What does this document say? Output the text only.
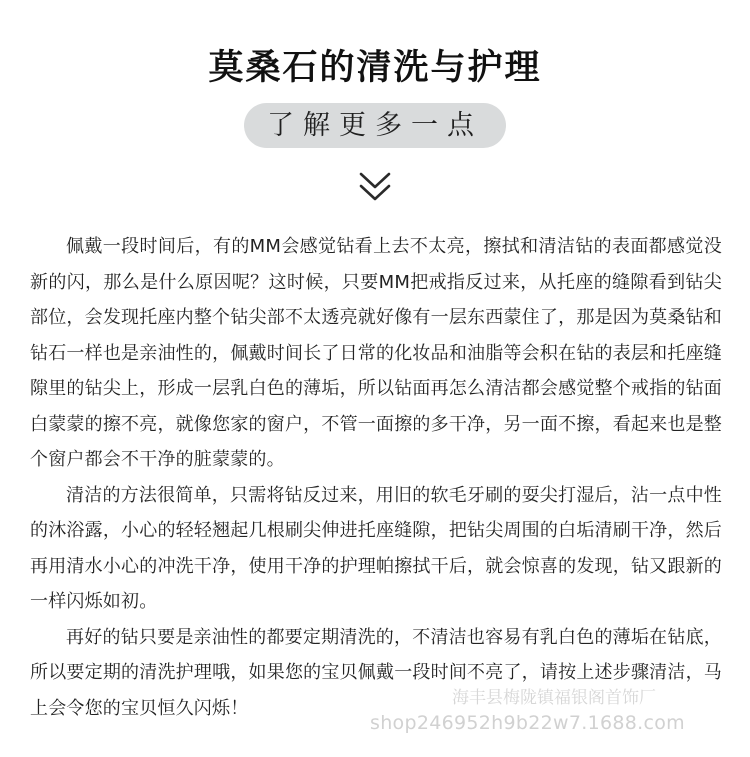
莫桑石的清洗与护理
了解更多一点

佩戴一段时间后，有的MM会感觉钻看上去不太亮，擦拭和清洁钻的表面都感觉没新的闪，那么是什么原因呢？这时候，只要MM把戒指反过来，从托座的缝隙看到钻尖部位，会发现托座内整个钻尖部不太透亮就好像有一层东西蒙住了，那是因为莫桑钻和钻石一样也是亲油性的，佩戴时间长了日常的化妆品和油脂等会积在钻的表层和托座缝隙里的钻尖上，形成一层乳白色的薄垢，所以钻面再怎么清洁都会感觉整个戒指的钻面白蒙蒙的擦不亮，就像您家的窗户，不管一面擦的多干净，另一面不擦，看起来也是整个窗户都会不干净的脏蒙蒙的。

清洁的方法很简单，只需将钻反过来，用旧的软毛牙刷的耍尖打湿后，沾一点中性的沐浴露，小心的轻轻翘起几根刷尖伸进托座缝隙，把钻尖周围的白垢清刷干净，然后再用清水小心的冲洗干净，使用干净的护理帕擦拭干后，就会惊喜的发现，钻又跟新的一样闪烁如初。

再好的钻只要是亲油性的都要定期清洗的，不清洁也容易有乳白色的薄垢在钻底，所以要定期的清洗护理哦，如果您的宝贝佩戴一段时间不亮了，请按上述步骤清洁，马上会令您的宝贝恒久闪烁！	海丰县梅陇镇福银阁首饰厂
shop246952h9b22w7.1688.com
